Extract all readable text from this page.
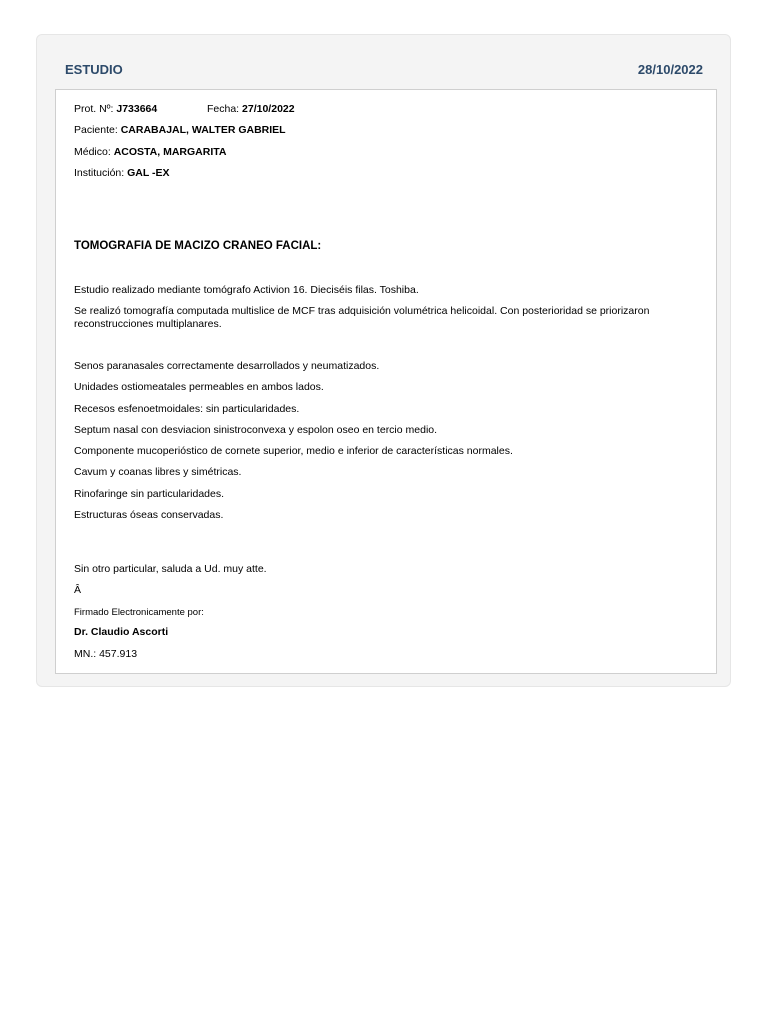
ESTUDIO	28/10/2022
Prot. Nº: J733664	Fecha: 27/10/2022
Paciente: CARABAJAL, WALTER GABRIEL
Médico: ACOSTA, MARGARITA
Institución: GAL -EX
TOMOGRAFIA DE MACIZO CRANEO FACIAL:
Estudio realizado mediante tomógrafo Activion 16. Dieciséis filas. Toshiba.
Se realizó tomografía computada multislice de MCF tras adquisición volumétrica helicoidal. Con posterioridad se priorizaron reconstrucciones multiplanares.
Senos paranasales correctamente desarrollados y neumatizados.
Unidades ostiomeatales permeables en ambos lados.
Recesos esfenoetmoidales: sin particularidades.
Septum nasal con desviacion sinistroconvexa y espolon oseo en tercio medio.
Componente mucoperióstico de cornete superior, medio e inferior de características normales.
Cavum y coanas libres y simétricas.
Rinofaringe sin particularidades.
Estructuras óseas conservadas.
Sin otro particular, saluda a Ud. muy atte.
Â
Firmado Electronicamente por:
Dr. Claudio Ascorti
MN.: 457.913
